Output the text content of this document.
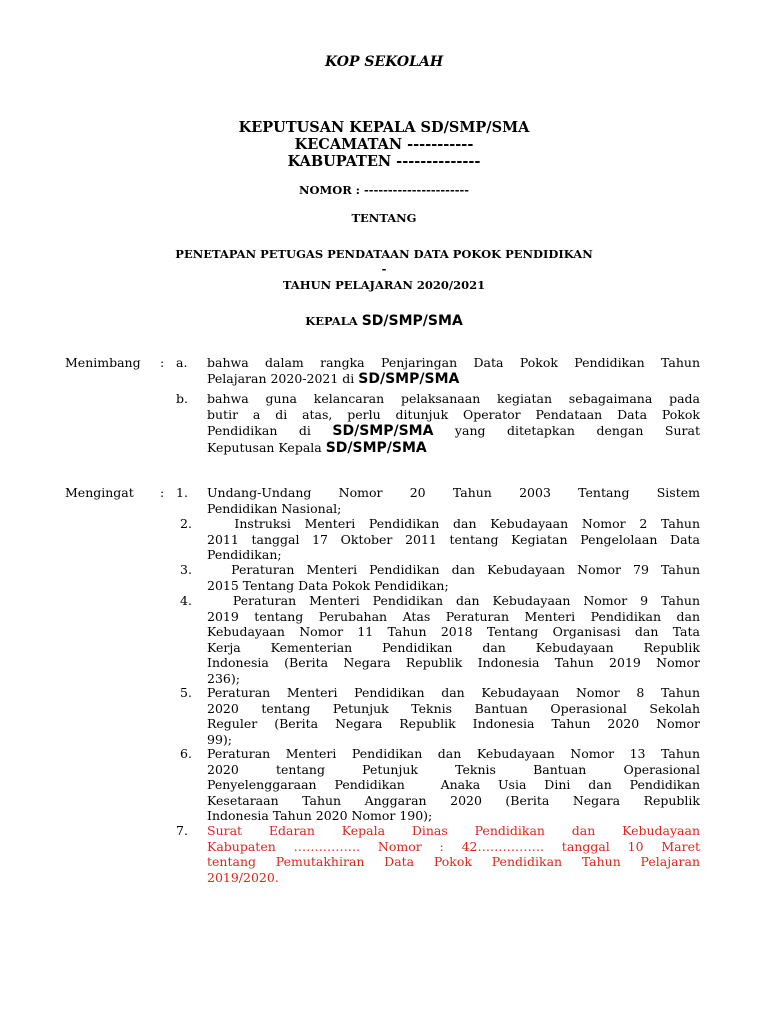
KOP SEKOLAH
KEPUTUSAN KEPALA SD/SMP/SMA
KECAMATAN -----------
KABUPATEN --------------
NOMOR : ----------------------
TENTANG
PENETAPAN PETUGAS PENDATAAN DATA POKOK PENDIDIKAN
-
TAHUN PELAJARAN 2020/2021
KEPALA SD/SMP/SMA
Menimbang : a. bahwa dalam rangka Penjaringan Data Pokok Pendidikan Tahun
Pelajaran 2020-2021 di SD/SMP/SMA
b. bahwa guna kelancaran pelaksanaan kegiatan sebagaimana pada
butir a di atas, perlu ditunjuk Operator Pendataan Data Pokok
Pendidikan di SD/SMP/SMA yang ditetapkan dengan Surat
Keputusan Kepala SD/SMP/SMA
Mengingat : 1. Undang-Undang Nomor 20 Tahun 2003 Tentang Sistem
Pendidikan Nasional;
2. Instruksi Menteri Pendidikan dan Kebudayaan Nomor 2 Tahun
2011 tanggal 17 Oktober 2011 tentang Kegiatan Pengelolaan Data
Pendidikan;
3. Peraturan Menteri Pendidikan dan Kebudayaan Nomor 79 Tahun
2015 Tentang Data Pokok Pendidikan;
4. Peraturan Menteri Pendidikan dan Kebudayaan Nomor 9 Tahun
2019 tentang Perubahan Atas Peraturan Menteri Pendidikan dan
Kebudayaan Nomor 11 Tahun 2018 Tentang Organisasi dan Tata
Kerja Kementerian Pendidikan dan Kebudayaan Republik
Indonesia (Berita Negara Republik Indonesia Tahun 2019 Nomor
236);
5. Peraturan Menteri Pendidikan dan Kebudayaan Nomor 8 Tahun
2020 tentang Petunjuk Teknis Bantuan Operasional Sekolah
Reguler (Berita Negara Republik Indonesia Tahun 2020 Nomor
99);
6. Peraturan Menteri Pendidikan dan Kebudayaan Nomor 13 Tahun
2020 tentang Petunjuk Teknis Bantuan Operasional
Penyelenggaraan Pendidikan  Anaka Usia Dini dan Pendidikan
Kesetaraan Tahun Anggaran 2020 (Berita Negara Republik
Indonesia Tahun 2020 Nomor 190);
7. Surat Edaran Kepala Dinas Pendidikan dan Kebudayaan
Kabupaten ……………. Nomor : 42……………. tanggal 10 Maret
tentang Pemutakhiran Data Pokok Pendidikan Tahun Pelajaran
2019/2020.
